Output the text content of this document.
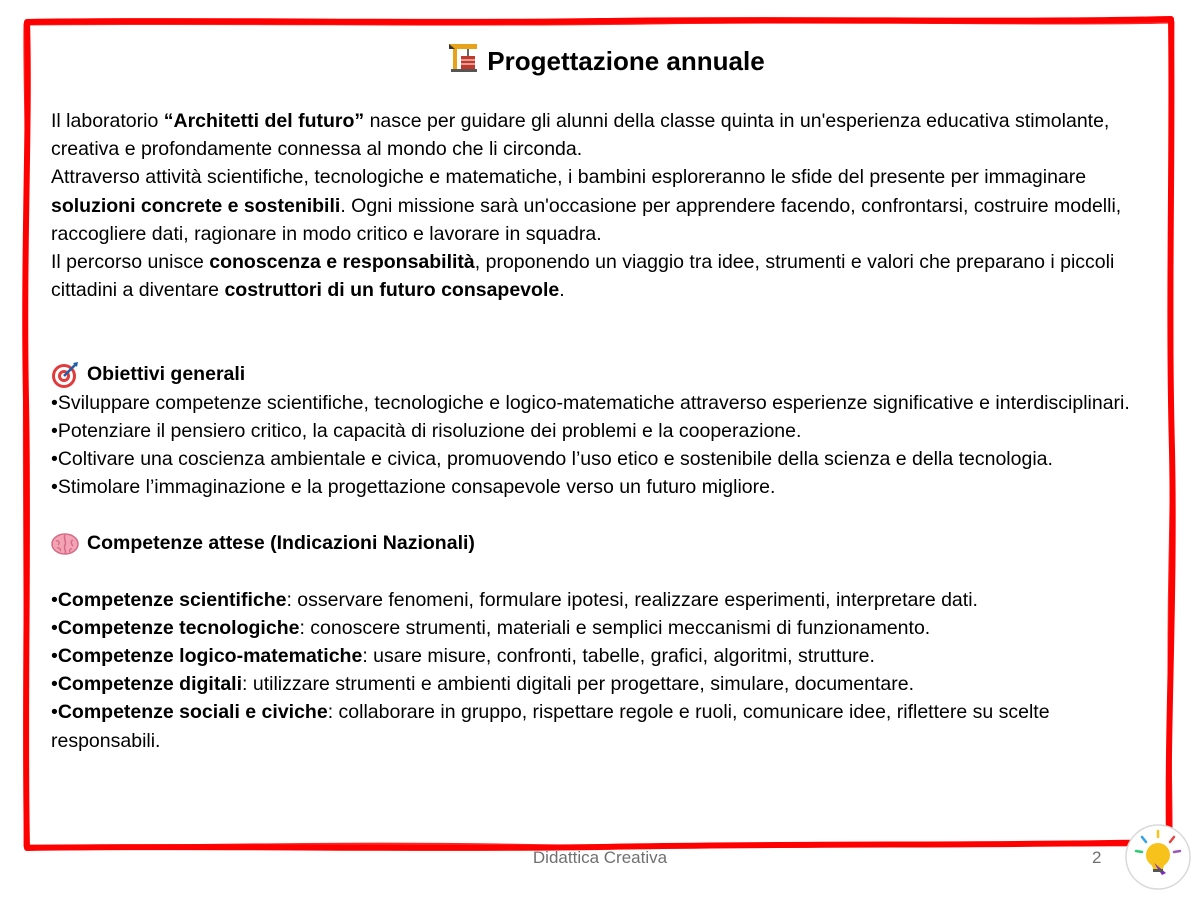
Progettazione annuale

Il laboratorio “Architetti del futuro” nasce per guidare gli alunni della classe quinta in un'esperienza educativa stimolante, creativa e profondamente connessa al mondo che li circonda.

Attraverso attività scientifiche, tecnologiche e matematiche, i bambini esploreranno le sfide del presente per immaginare soluzioni concrete e sostenibili. Ogni missione sarà un'occasione per apprendere facendo, confrontarsi, costruire modelli, raccogliere dati, ragionare in modo critico e lavorare in squadra.

Il percorso unisce conoscenza e responsabilità, proponendo un viaggio tra idee, strumenti e valori che preparano i piccoli cittadini a diventare costruttori di un futuro consapevole.

Obiettivi generali

•Sviluppare competenze scientifiche, tecnologiche e logico-matematiche attraverso esperienze significative e interdisciplinari.

•Potenziare il pensiero critico, la capacità di risoluzione dei problemi e la cooperazione.

•Coltivare una coscienza ambientale e civica, promuovendo l’uso etico e sostenibile della scienza e della tecnologia.

•Stimolare l’immaginazione e la progettazione consapevole verso un futuro migliore.

Competenze attese (Indicazioni Nazionali)

•Competenze scientifiche: osservare fenomeni, formulare ipotesi, realizzare esperimenti, interpretare dati.

•Competenze tecnologiche: conoscere strumenti, materiali e semplici meccanismi di funzionamento.

•Competenze logico-matematiche: usare misure, confronti, tabelle, grafici, algoritmi, strutture.

•Competenze digitali: utilizzare strumenti e ambienti digitali per progettare, simulare, documentare.

•Competenze sociali e civiche: collaborare in gruppo, rispettare regole e ruoli, comunicare idee, riflettere su scelte responsabili.

Didattica Creativa	2
